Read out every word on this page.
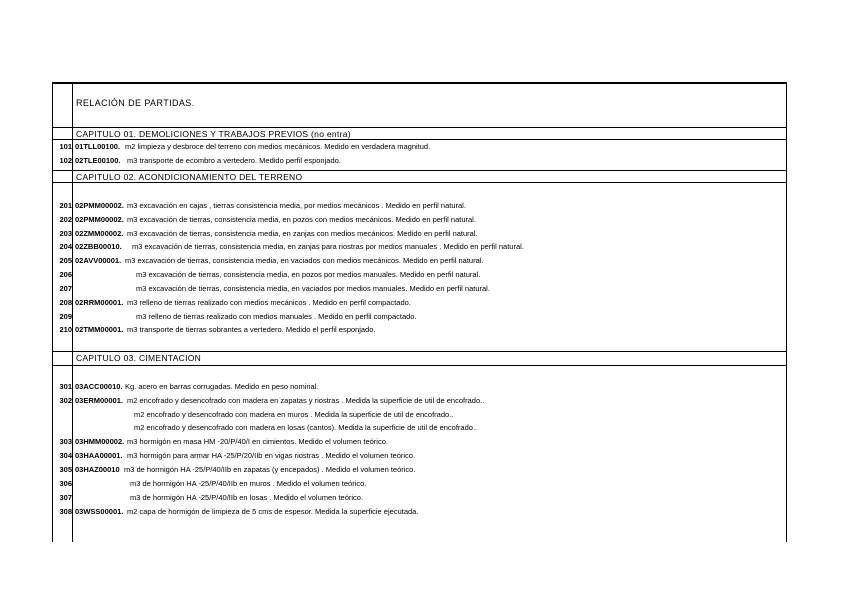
RELACIÓN DE PARTIDAS.
CAPITULO 01. DEMOLICIONES Y TRABAJOS PREVIOS (no entra)
101 01TLL00100. m2 limpieza y desbroce del terreno con medios mecánicos. Medido en verdadera magnitud.
102 02TLE00100. m3 transporte de ecombro a vertedero. Medido perfil esponjado.
CAPITULO 02. ACONDICIONAMIENTO DEL TERRENO
201 02PMM00002. m3 excavación en cajas , tierras consistencia media, por medios mecánicos . Medido en perfil natural.
202 02PMM00002. m3 excavación de tierras, consistencia media, en pozos con medios mecánicos. Medido en perfil natural.
203 02ZMM00002. m3 excavación de tierras, consistencia media, en zanjas con medios mecánicos. Medido en perfil natural.
204 02ZBB00010. m3 excavación de tierras, consistencia media, en zanjas para riostras por medios manuales . Medido en perfil natural.
205 02AVV00001. m3 excavación de tierras, consistencia media, en vaciados con medios mecánicos. Medido en perfil natural.
206	m3 excavación de tierras, consistencia media, en pozos por medios manuales. Medido en perfil natural.
207	m3 excavación de tierras, consistencia media, en vaciados por medios manuales. Medido en perfil natural.
208 02RRM00001. m3 relleno de tierras realizado con medios mecánicos . Medido en perfil compactado.
209	m3 relleno de tierras realizado con medios manuales . Medido en perfil compactado.
210 02TMM00001. m3 transporte de tierras sobrantes a vertedero. Medido el perfil esponjado.
CAPITULO 03. CIMENTACION
301 03ACC00010. Kg. acero en barras corrugadas. Medido en peso nominal.
302 03ERM00001. m2 encofrado y desencofrado con madera en zapatas y riostras . Medida la superficie de util de encofrado..
m2 encofrado y desencofrado con madera en muros . Medida la superficie de util de encofrado..
m2 encofrado y desencofrado con madera en losas (cantos). Medida la superficie de util de encofrado..
303 03HMM00002. m3 hormigón en masa HM -20/P/40/I en cimientos. Medido el volumen teórico.
304 03HAA00001. m3 hormigón para armar HA -25/P/20/IIb en vigas riostras . Medido el volumen teórico.
305 03HAZ00010 m3 de hormigón HA -25/P/40/IIb en zapatas (y encepados) . Medido el volumen teórico.
306	m3 de hormigón HA -25/P/40/IIb en muros . Medido el volumen teórico.
307	m3 de hormigón HA -25/P/40/IIb en losas . Medido el volumen teórico.
308 03WSS00001. m2 capa de hormigón de limpieza de 5 cms de espesor. Medida la superficie ejecutada.
